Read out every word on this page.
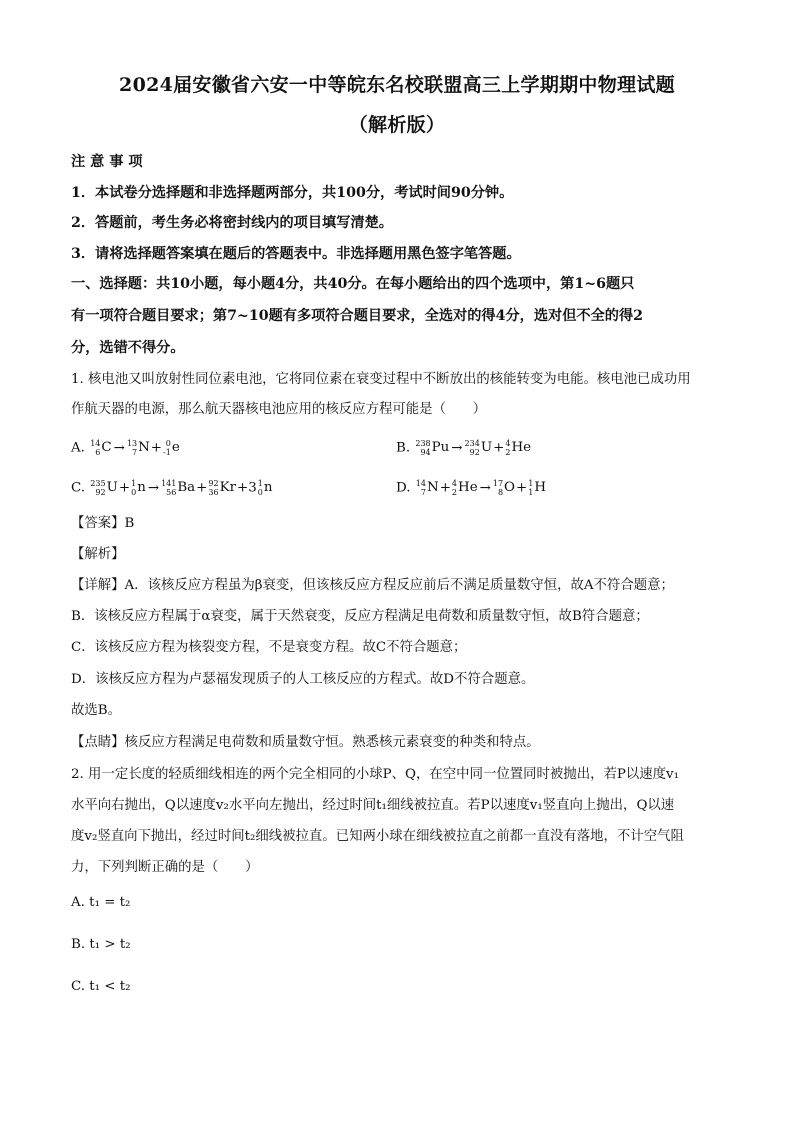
2024届安徽省六安一中等皖东名校联盟高三上学期期中物理试题
（解析版）
注 意 事 项
1．本试卷分选择题和非选择题两部分，共100分，考试时间90分钟。
2．答题前，考生务必将密封线内的项目填写清楚。
3．请将选择题答案填在题后的答题表中。非选择题用黑色签字笔答题。
一、选择题：共10小题，每小题4分，共40分。在每小题给出的四个选项中，第1~6题只
有一项符合题目要求；第7~10题有多项符合题目要求，全选对的得4分，选对但不全的得2
分，选错不得分。
1. 核电池又叫放射性同位素电池，它将同位素在衰变过程中不断放出的核能转变为电能。核电池已成功用
作航天器的电源，那么航天器核电池应用的核反应方程可能是（　　）
A. 14
6 C → 13
7 N + 0
-1 e	B. 238
94 Pu → 234
92 U + 4
2 He
C. 235
92 U + 1
0 n → 141
56 Ba + 92
36 Kr +3 1
0 n	D. 14
7 N + 4
2 He → 17
8 O + 1
1 H
【答案】B
【解析】
【详解】A．该核反应方程虽为β衰变，但该核反应方程反应前后不满足质量数守恒，故A不符合题意；
B．该核反应方程属于α衰变，属于天然衰变，反应方程满足电荷数和质量数守恒，故B符合题意；
C．该核反应方程为核裂变方程，不是衰变方程。故C不符合题意；
D．该核反应方程为卢瑟福发现质子的人工核反应的方程式。故D不符合题意。
故选B。
【点睛】核反应方程满足电荷数和质量数守恒。熟悉核元素衰变的种类和特点。
2. 用一定长度的轻质细线相连的两个完全相同的小球P、Q，在空中同一位置同时被抛出，若P以速度v₁
水平向右抛出，Q以速度v₂水平向左抛出，经过时间t₁细线被拉直。若P以速度v₁竖直向上抛出，Q以速
度v₂竖直向下抛出，经过时间t₂细线被拉直。已知两小球在细线被拉直之前都一直没有落地，不计空气阻
力，下列判断正确的是（　　）
A. t₁ = t₂
B. t₁ > t₂
C. t₁ < t₂
